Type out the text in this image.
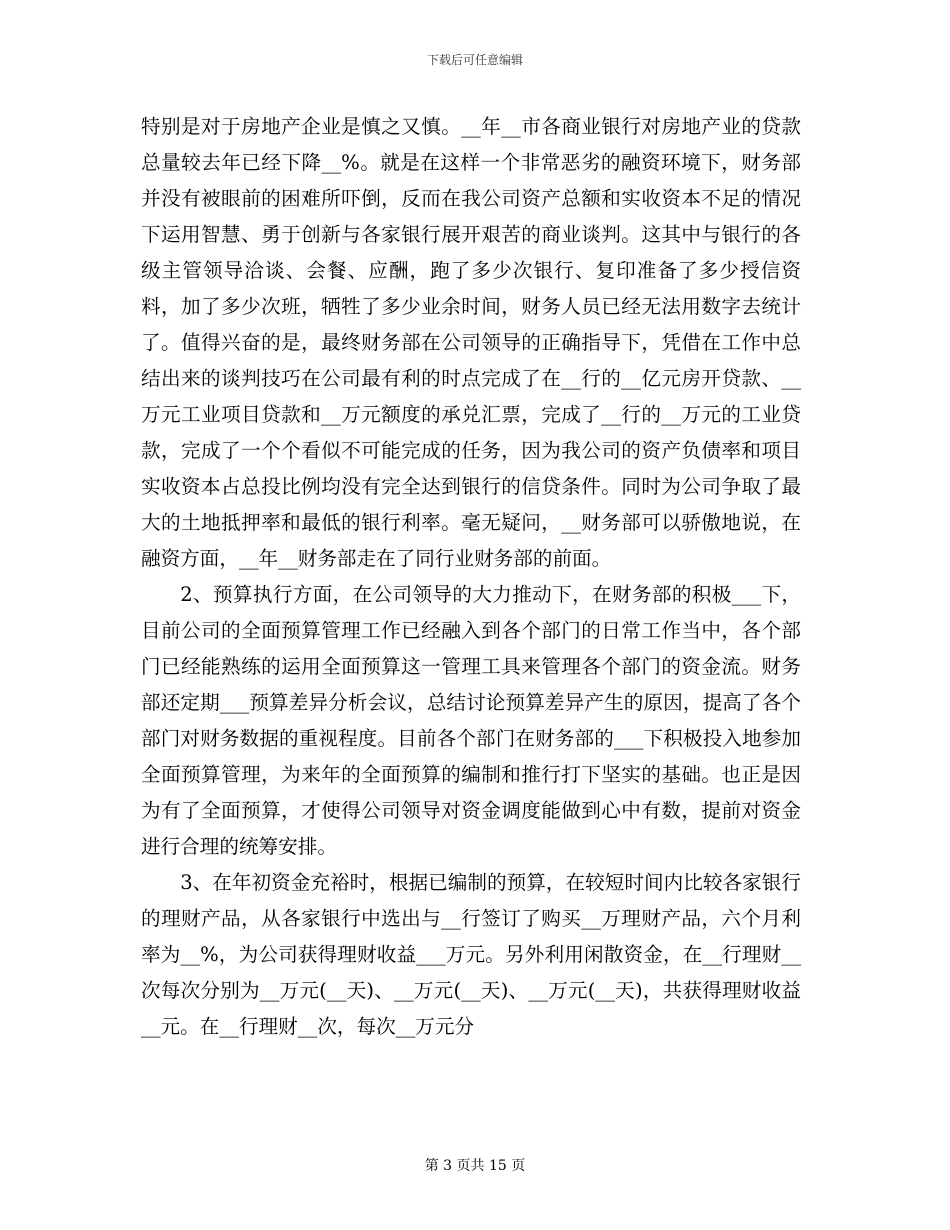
下载后可任意编辑

特别是对于房地产企业是慎之又慎。__年__市各商业银行对房地产业的贷款总量较去年已经下降__%。就是在这样一个非常恶劣的融资环境下，财务部并没有被眼前的困难所吓倒，反而在我公司资产总额和实收资本不足的情况下运用智慧、勇于创新与各家银行展开艰苦的商业谈判。这其中与银行的各级主管领导洽谈、会餐、应酬，跑了多少次银行、复印准备了多少授信资料，加了多少次班，牺牲了多少业余时间，财务人员已经无法用数字去统计了。值得兴奋的是，最终财务部在公司领导的正确指导下，凭借在工作中总结出来的谈判技巧在公司最有利的时点完成了在__行的__亿元房开贷款、__万元工业项目贷款和__万元额度的承兑汇票，完成了__行的__万元的工业贷款，完成了一个个看似不可能完成的任务，因为我公司的资产负债率和项目实收资本占总投比例均没有完全达到银行的信贷条件。同时为公司争取了最大的土地抵押率和最低的银行利率。毫无疑问，__财务部可以骄傲地说，在融资方面，__年__财务部走在了同行业财务部的前面。

2、预算执行方面，在公司领导的大力推动下，在财务部的积极___下，目前公司的全面预算管理工作已经融入到各个部门的日常工作当中，各个部门已经能熟练的运用全面预算这一管理工具来管理各个部门的资金流。财务部还定期___预算差异分析会议，总结讨论预算差异产生的原因，提高了各个部门对财务数据的重视程度。目前各个部门在财务部的___下积极投入地参加全面预算管理，为来年的全面预算的编制和推行打下坚实的基础。也正是因为有了全面预算，才使得公司领导对资金调度能做到心中有数，提前对资金进行合理的统筹安排。

3、在年初资金充裕时，根据已编制的预算，在较短时间内比较各家银行的理财产品，从各家银行中选出与__行签订了购买__万理财产品，六个月利率为__%，为公司获得理财收益___万元。另外利用闲散资金，在__行理财__次每次分别为__万元(__天)、__万元(__天)、__万元(__天)，共获得理财收益__元。在__行理财__次，每次__万元分

第 3 页共 15 页
